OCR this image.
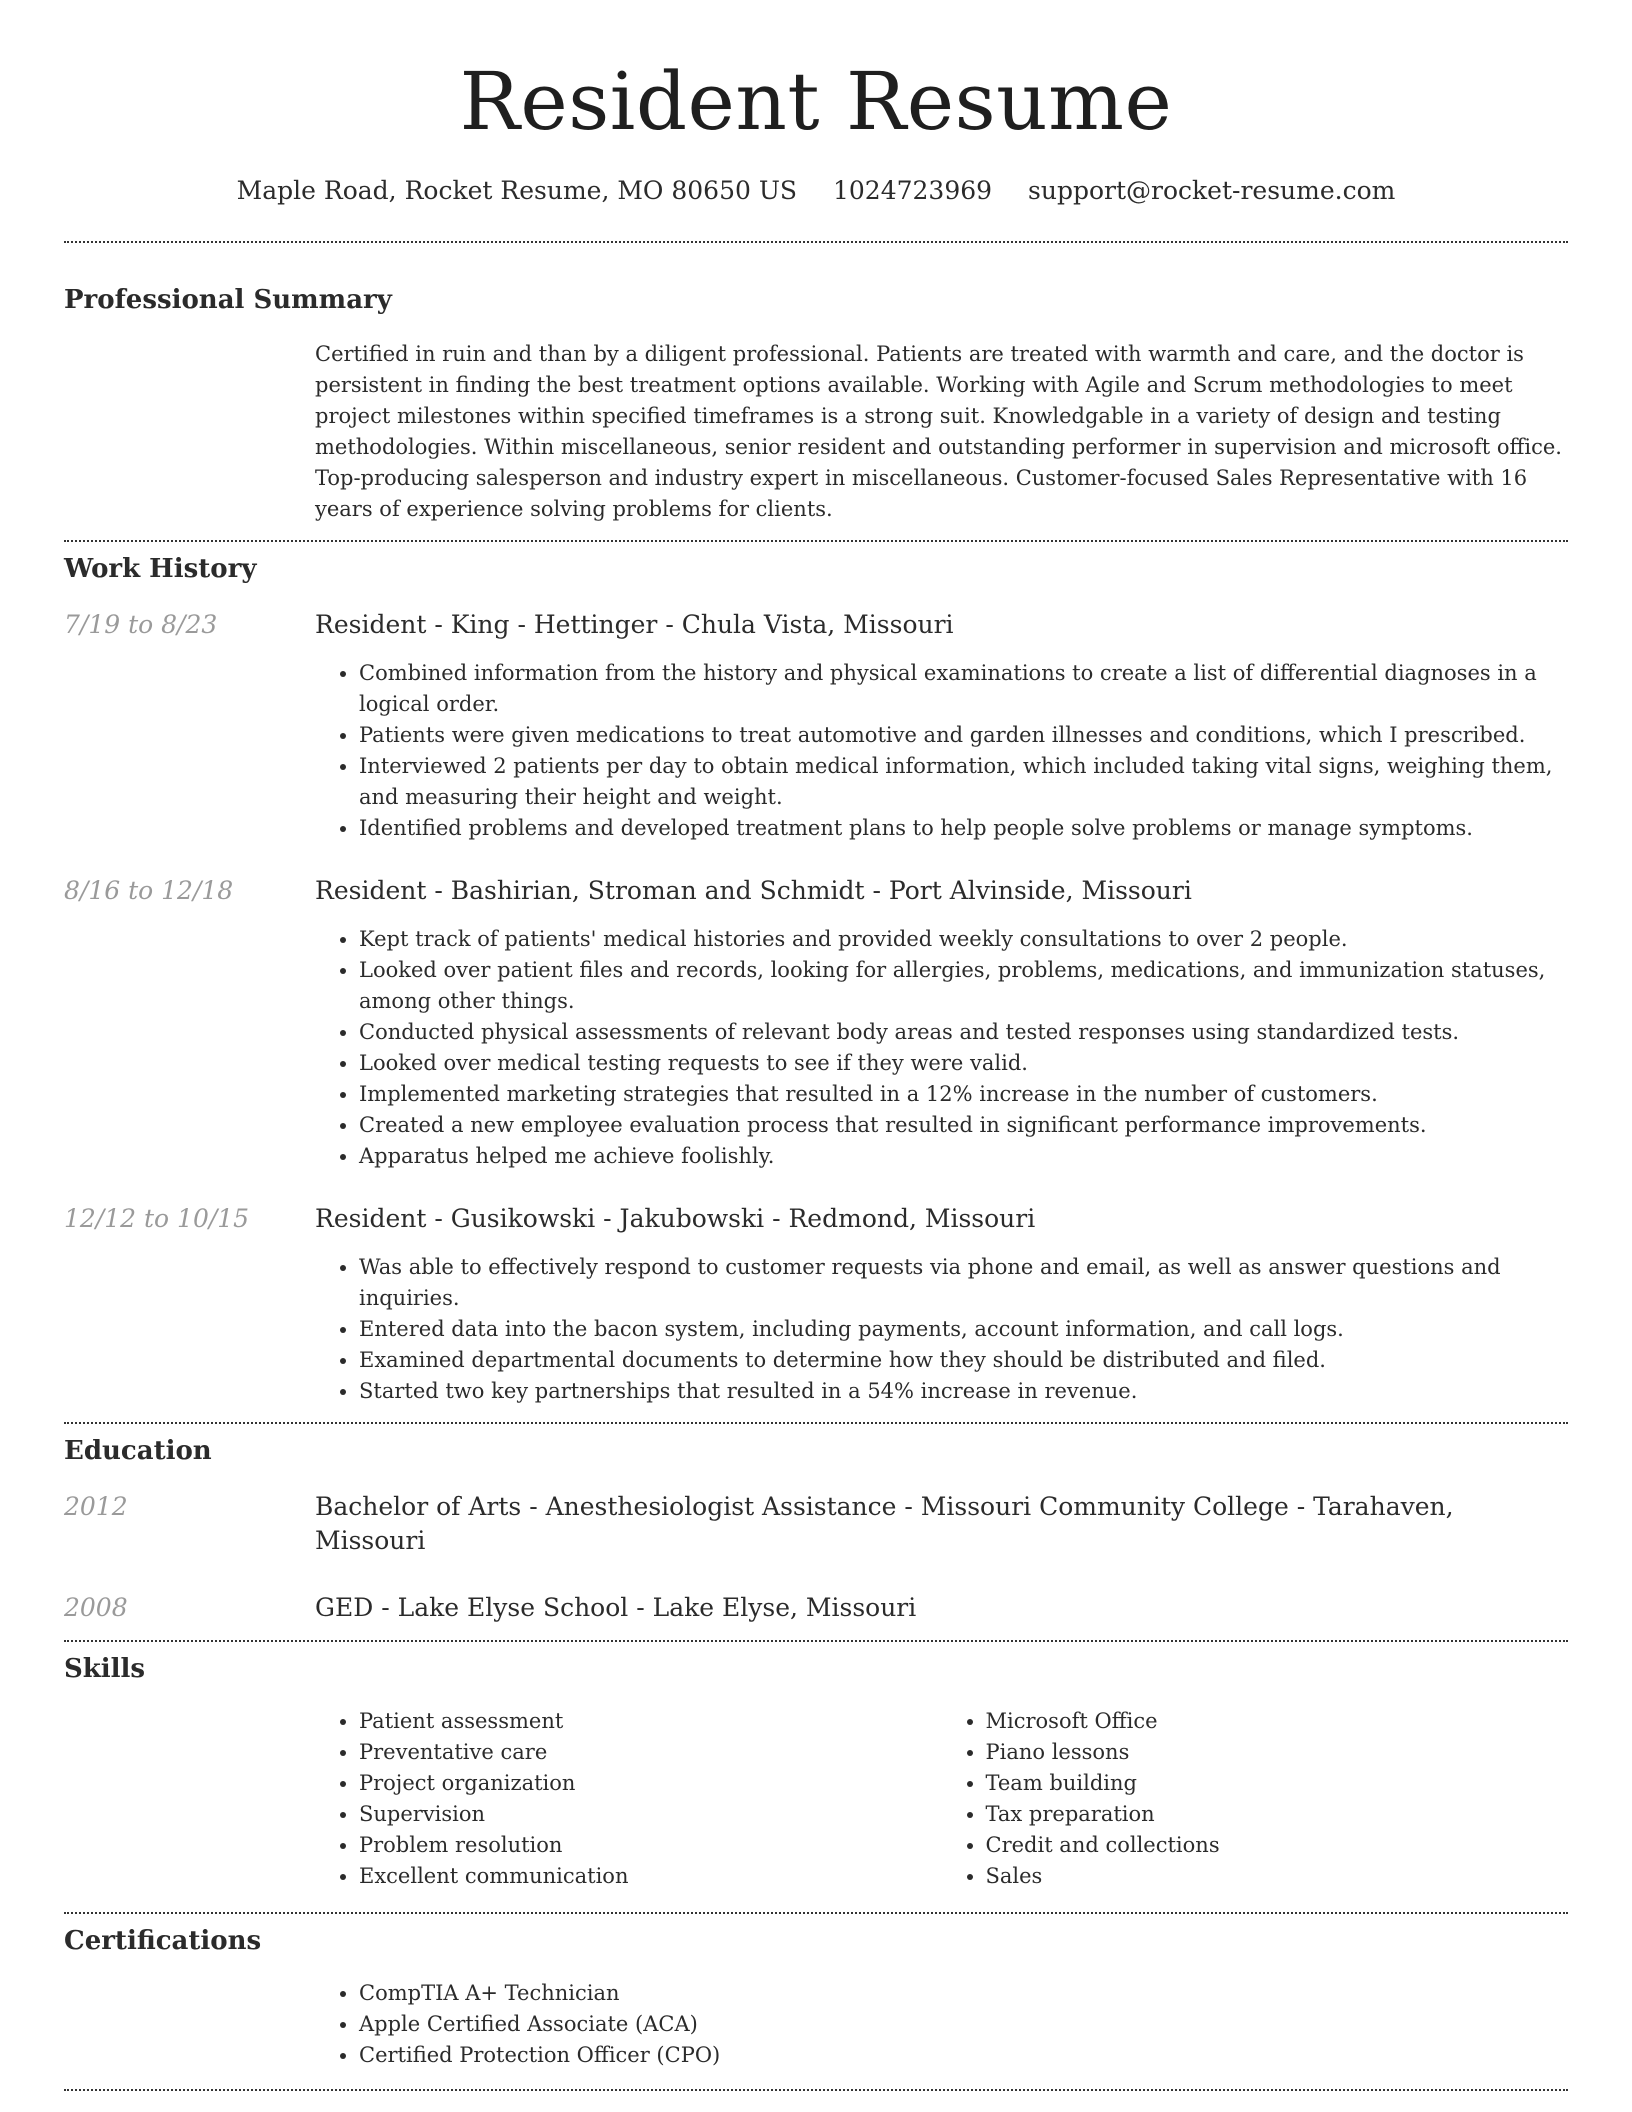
Resident Resume
Maple Road, Rocket Resume, MO 80650 US 1024723969 support@rocket-resume.com
Professional Summary

Certified in ruin and than by a diligent professional. Patients are treated with warmth and care, and the doctor is persistent in finding the best treatment options available. Working with Agile and Scrum methodologies to meet project milestones within specified timeframes is a strong suit. Knowledgable in a variety of design and testing methodologies. Within miscellaneous, senior resident and outstanding performer in supervision and microsoft office. Top-producing salesperson and industry expert in miscellaneous. Customer-focused Sales Representative with 16 years of experience solving problems for clients.

Work History
7/19 to 8/23	Resident - King - Hettinger - Chula Vista, Missouri
• Combined information from the history and physical examinations to create a list of differential diagnoses in a logical order.
• Patients were given medications to treat automotive and garden illnesses and conditions, which I prescribed.
• Interviewed 2 patients per day to obtain medical information, which included taking vital signs, weighing them, and measuring their height and weight.
• Identified problems and developed treatment plans to help people solve problems or manage symptoms.
8/16 to 12/18	Resident - Bashirian, Stroman and Schmidt - Port Alvinside, Missouri
• Kept track of patients' medical histories and provided weekly consultations to over 2 people.
• Looked over patient files and records, looking for allergies, problems, medications, and immunization statuses, among other things.
• Conducted physical assessments of relevant body areas and tested responses using standardized tests.
• Looked over medical testing requests to see if they were valid.
• Implemented marketing strategies that resulted in a 12% increase in the number of customers.
• Created a new employee evaluation process that resulted in significant performance improvements.
• Apparatus helped me achieve foolishly.
12/12 to 10/15	Resident - Gusikowski - Jakubowski - Redmond, Missouri
• Was able to effectively respond to customer requests via phone and email, as well as answer questions and inquiries.
• Entered data into the bacon system, including payments, account information, and call logs.
• Examined departmental documents to determine how they should be distributed and filed.
• Started two key partnerships that resulted in a 54% increase in revenue.
Education
2012	Bachelor of Arts - Anesthesiologist Assistance - Missouri Community College - Tarahaven, Missouri
2008	GED - Lake Elyse School - Lake Elyse, Missouri
Skills
• Patient assessment
• Preventative care
• Project organization
• Supervision
• Problem resolution
• Excellent communication
• Microsoft Office
• Piano lessons
• Team building
• Tax preparation
• Credit and collections
• Sales
Certifications
• CompTIA A+ Technician
• Apple Certified Associate (ACA)
• Certified Protection Officer (CPO)
